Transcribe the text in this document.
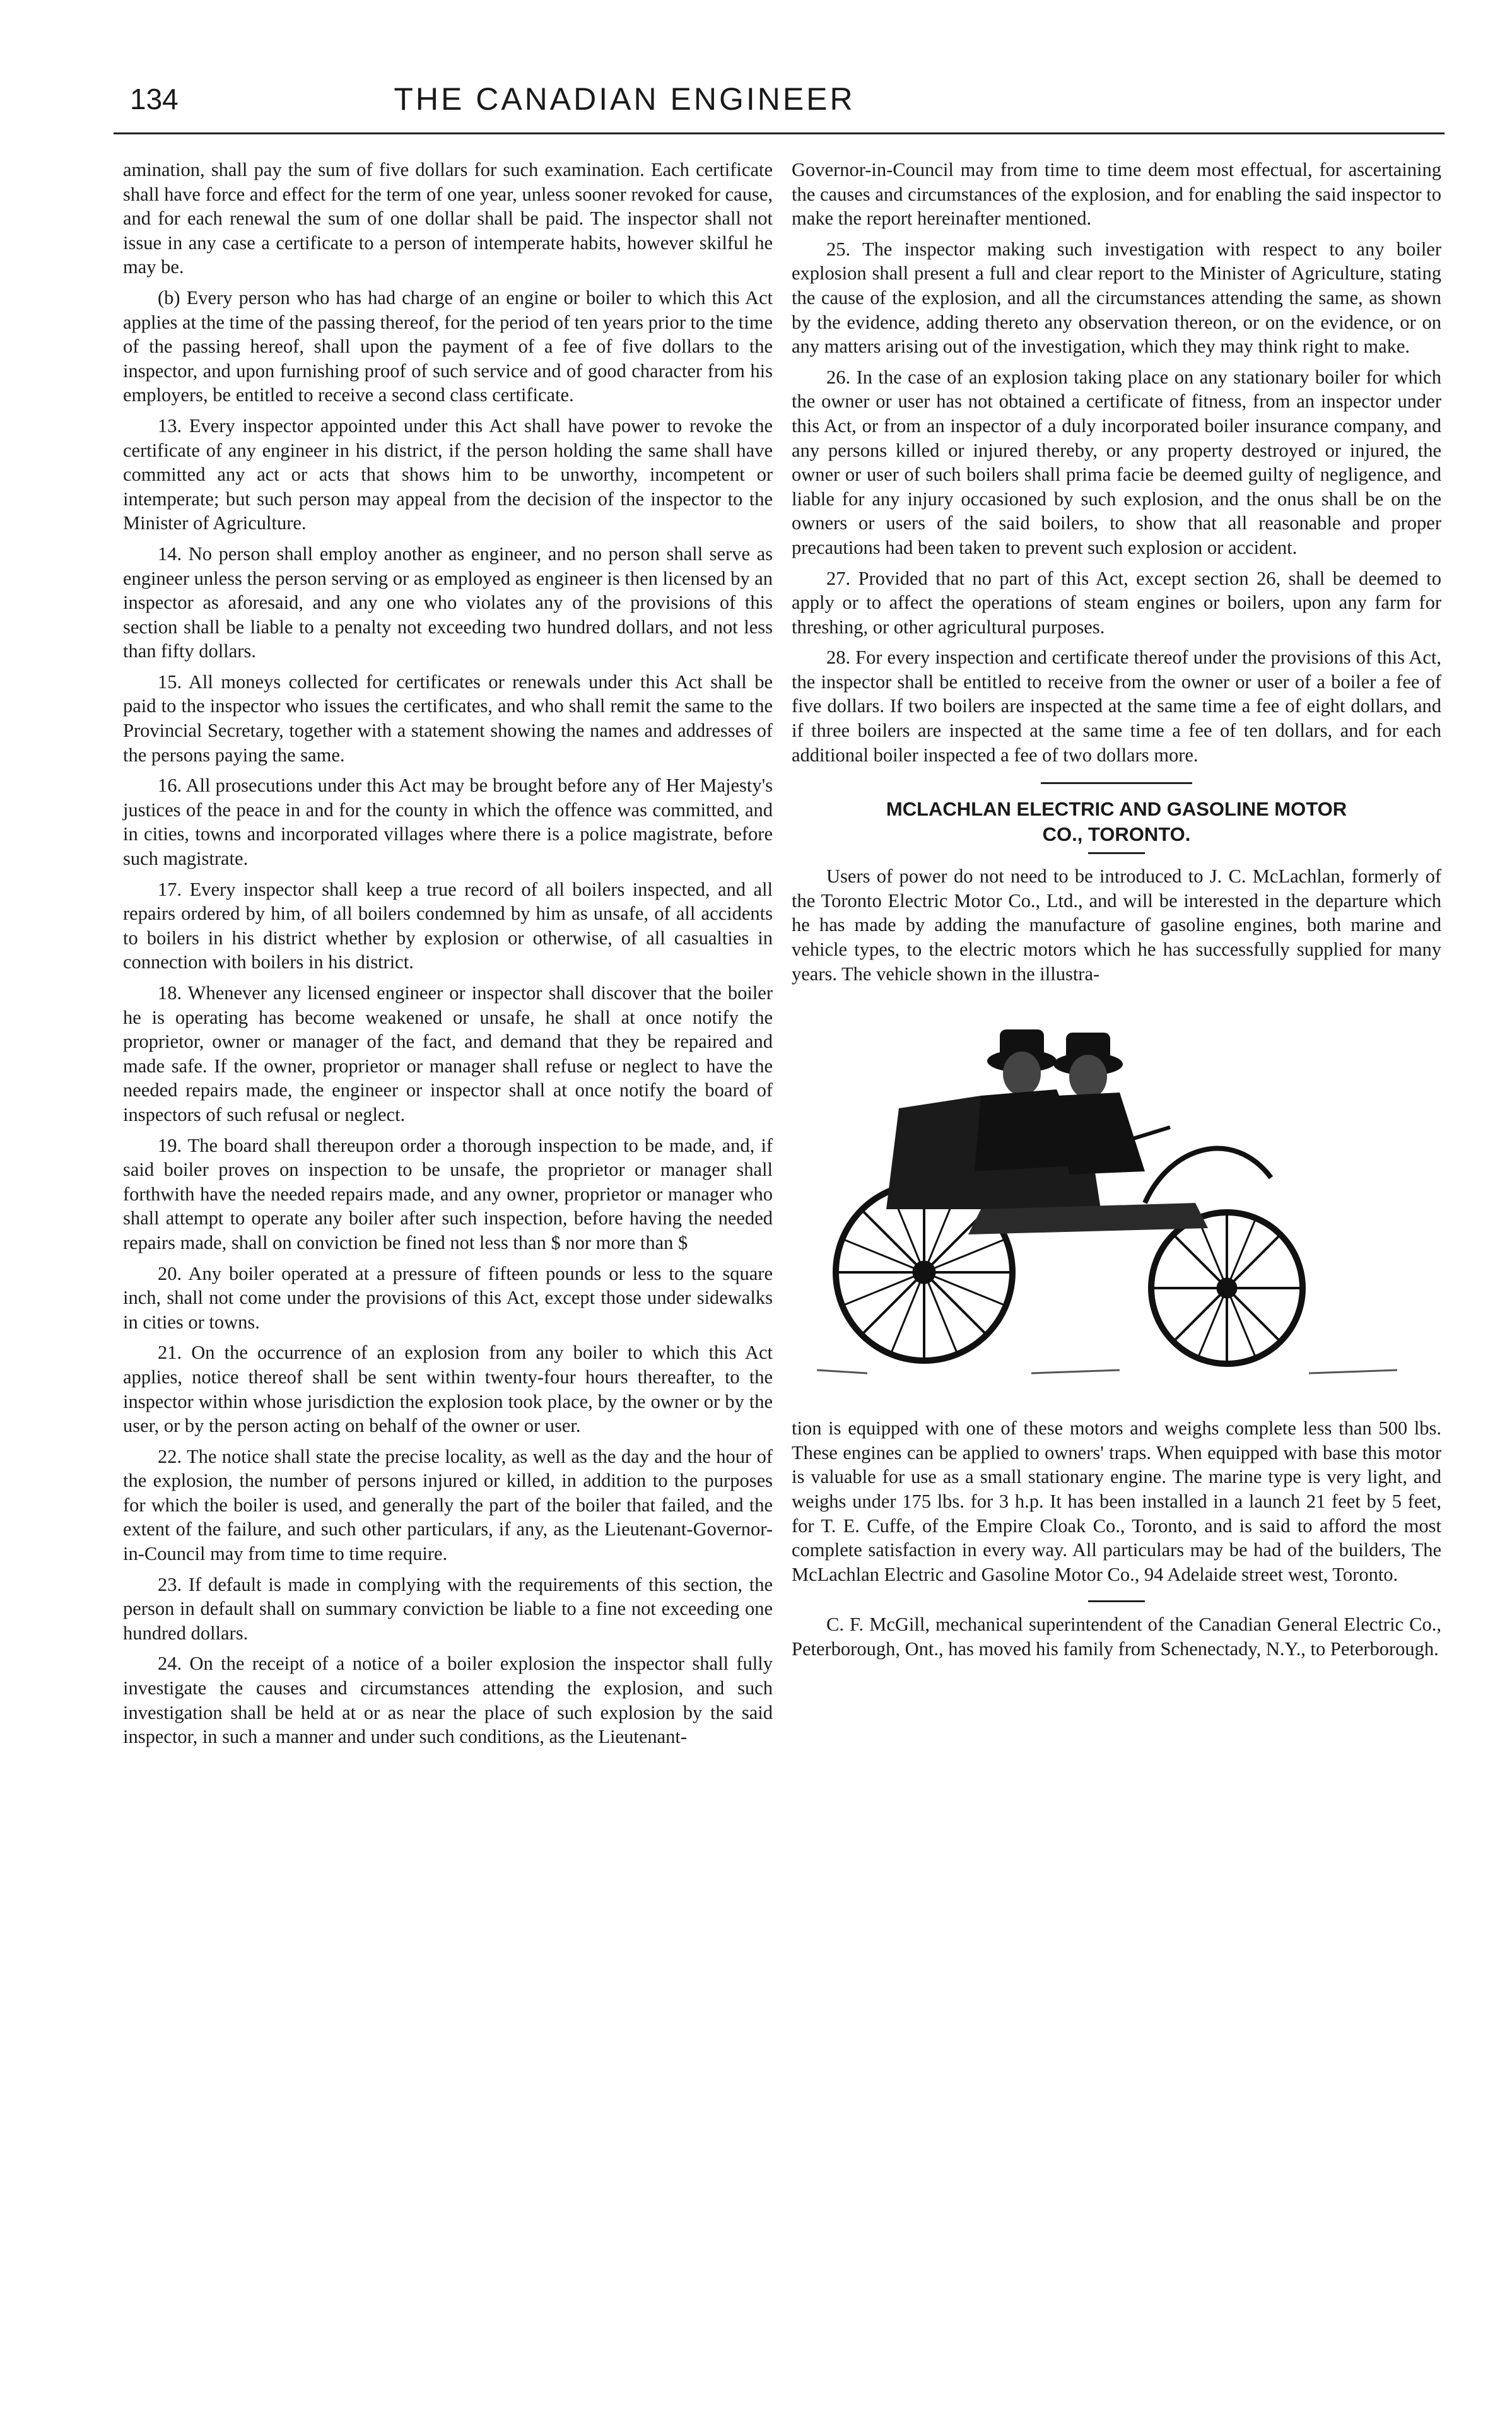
134	THE CANADIAN ENGINEER

amination, shall pay the sum of five dollars for such examination. Each certificate shall have force and effect for the term of one year, unless sooner revoked for cause, and for each renewal the sum of one dollar shall be paid. The inspector shall not issue in any case a certificate to a person of intemperate habits, however skilful he may be.

(b) Every person who has had charge of an engine or boiler to which this Act applies at the time of the passing thereof, for the period of ten years prior to the time of the passing hereof, shall upon the payment of a fee of five dollars to the inspector, and upon furnishing proof of such service and of good character from his employers, be entitled to receive a second class certificate.

13. Every inspector appointed under this Act shall have power to revoke the certificate of any engineer in his district, if the person holding the same shall have committed any act or acts that shows him to be unworthy, incompetent or intemperate; but such person may appeal from the decision of the inspector to the Minister of Agriculture.

14. No person shall employ another as engineer, and no person shall serve as engineer unless the person serving or as employed as engineer is then licensed by an inspector as aforesaid, and any one who violates any of the provisions of this section shall be liable to a penalty not exceeding two hundred dollars, and not less than fifty dollars.

15. All moneys collected for certificates or renewals under this Act shall be paid to the inspector who issues the certificates, and who shall remit the same to the Provincial Secretary, together with a statement showing the names and addresses of the persons paying the same.

16. All prosecutions under this Act may be brought before any of Her Majesty's justices of the peace in and for the county in which the offence was committed, and in cities, towns and incorporated villages where there is a police magistrate, before such magistrate.

17. Every inspector shall keep a true record of all boilers inspected, and all repairs ordered by him, of all boilers condemned by him as unsafe, of all accidents to boilers in his district whether by explosion or otherwise, of all casualties in connection with boilers in his district.

18. Whenever any licensed engineer or inspector shall discover that the boiler he is operating has become weakened or unsafe, he shall at once notify the proprietor, owner or manager of the fact, and demand that they be repaired and made safe. If the owner, proprietor or manager shall refuse or neglect to have the needed repairs made, the engineer or inspector shall at once notify the board of inspectors of such refusal or neglect.

19. The board shall thereupon order a thorough inspection to be made, and, if said boiler proves on inspection to be unsafe, the proprietor or manager shall forthwith have the needed repairs made, and any owner, proprietor or manager who shall attempt to operate any boiler after such inspection, before having the needed repairs made, shall on conviction be fined not less than $ nor more than $

20. Any boiler operated at a pressure of fifteen pounds or less to the square inch, shall not come under the provisions of this Act, except those under sidewalks in cities or towns.

21. On the occurrence of an explosion from any boiler to which this Act applies, notice thereof shall be sent within twenty-four hours thereafter, to the inspector within whose jurisdiction the explosion took place, by the owner or by the user, or by the person acting on behalf of the owner or user.

22. The notice shall state the precise locality, as well as the day and the hour of the explosion, the number of persons injured or killed, in addition to the purposes for which the boiler is used, and generally the part of the boiler that failed, and the extent of the failure, and such other particulars, if any, as the Lieutenant-Governor-in-Council may from time to time require.

23. If default is made in complying with the requirements of this section, the person in default shall on summary conviction be liable to a fine not exceeding one hundred dollars.

24. On the receipt of a notice of a boiler explosion the inspector shall fully investigate the causes and circumstances attending the explosion, and such investigation shall be held at or as near the place of such explosion by the said inspector, in such a manner and under such conditions, as the Lieutenant-

Governor-in-Council may from time to time deem most effectual, for ascertaining the causes and circumstances of the explosion, and for enabling the said inspector to make the report hereinafter mentioned.

25. The inspector making such investigation with respect to any boiler explosion shall present a full and clear report to the Minister of Agriculture, stating the cause of the explosion, and all the circumstances attending the same, as shown by the evidence, adding thereto any observation thereon, or on the evidence, or on any matters arising out of the investigation, which they may think right to make.

26. In the case of an explosion taking place on any stationary boiler for which the owner or user has not obtained a certificate of fitness, from an inspector under this Act, or from an inspector of a duly incorporated boiler insurance company, and any persons killed or injured thereby, or any property destroyed or injured, the owner or user of such boilers shall prima facie be deemed guilty of negligence, and liable for any injury occasioned by such explosion, and the onus shall be on the owners or users of the said boilers, to show that all reasonable and proper precautions had been taken to prevent such explosion or accident.

27. Provided that no part of this Act, except section 26, shall be deemed to apply or to affect the operations of steam engines or boilers, upon any farm for threshing, or other agricultural purposes.

28. For every inspection and certificate thereof under the provisions of this Act, the inspector shall be entitled to receive from the owner or user of a boiler a fee of five dollars. If two boilers are inspected at the same time a fee of eight dollars, and if three boilers are inspected at the same time a fee of ten dollars, and for each additional boiler inspected a fee of two dollars more.

MCLACHLAN ELECTRIC AND GASOLINE MOTOR
CO., TORONTO.

Users of power do not need to be introduced to J. C. McLachlan, formerly of the Toronto Electric Motor Co., Ltd., and will be interested in the departure which he has made by adding the manufacture of gasoline engines, both marine and vehicle types, to the electric motors which he has successfully supplied for many years. The vehicle shown in the illustra-

tion is equipped with one of these motors and weighs complete less than 500 lbs. These engines can be applied to owners' traps. When equipped with base this motor is valuable for use as a small stationary engine. The marine type is very light, and weighs under 175 lbs. for 3 h.p. It has been installed in a launch 21 feet by 5 feet, for T. E. Cuffe, of the Empire Cloak Co., Toronto, and is said to afford the most complete satisfaction in every way. All particulars may be had of the builders, The McLachlan Electric and Gasoline Motor Co., 94 Adelaide street west, Toronto.

C. F. McGill, mechanical superintendent of the Canadian General Electric Co., Peterborough, Ont., has moved his family from Schenectady, N.Y., to Peterborough.
